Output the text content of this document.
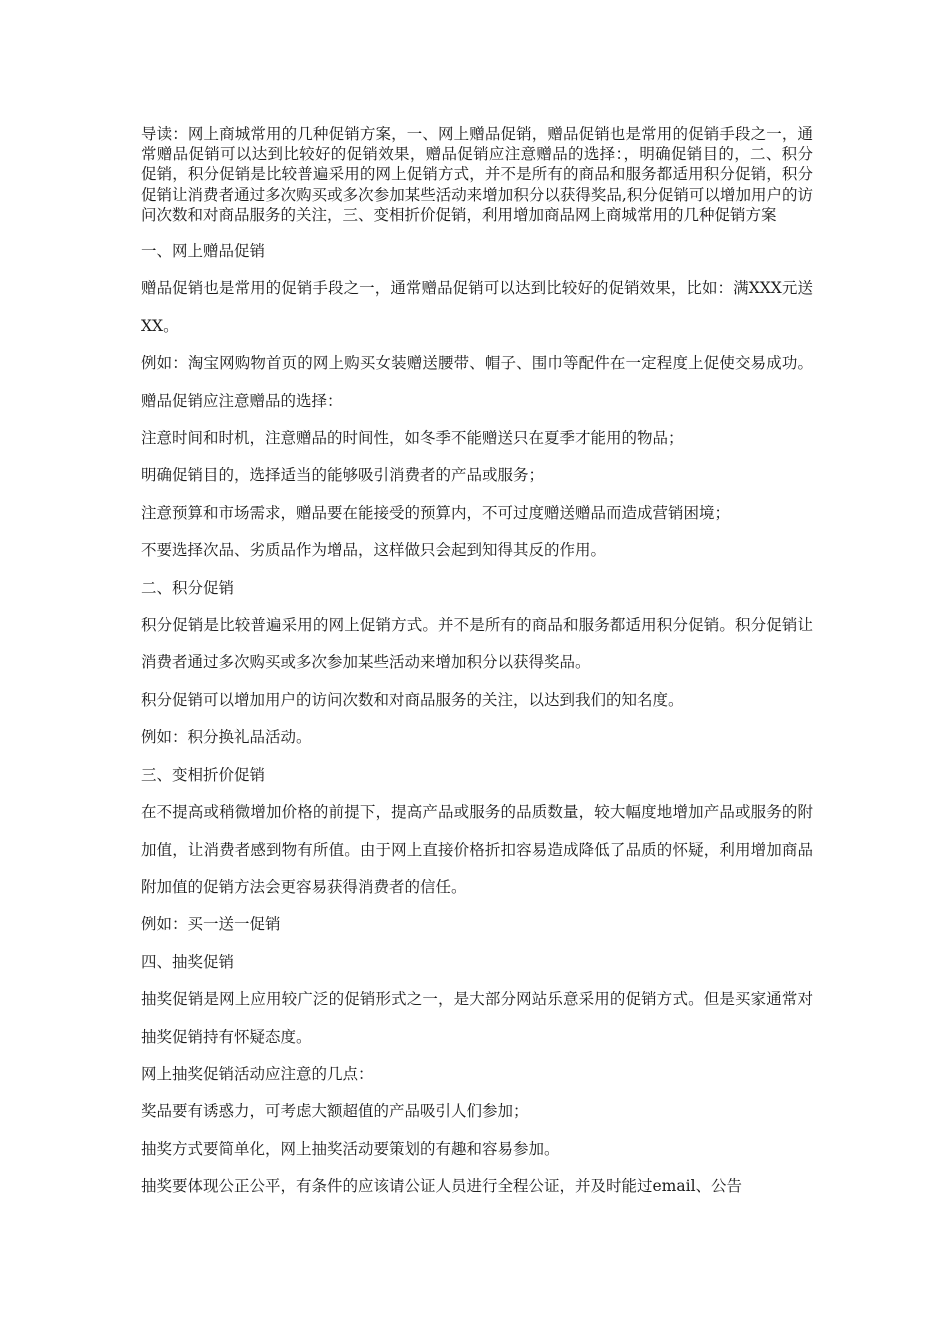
导读：网上商城常用的几种促销方案，一、网上赠品促销，赠品促销也是常用的促销手段之一，通常赠品促销可以达到比较好的促销效果，赠品促销应注意赠品的选择：，明确促销目的，二、积分促销，积分促销是比较普遍采用的网上促销方式，并不是所有的商品和服务都适用积分促销，积分促销让消费者通过多次购买或多次参加某些活动来增加积分以获得奖品,积分促销可以增加用户的访问次数和对商品服务的关注，三、变相折价促销，利用增加商品网上商城常用的几种促销方案

一、网上赠品促销

赠品促销也是常用的促销手段之一，通常赠品促销可以达到比较好的促销效果，比如：满XXX元送XX。

例如：淘宝网购物首页的网上购买女装赠送腰带、帽子、围巾等配件在一定程度上促使交易成功。赠品促销应注意赠品的选择：

注意时间和时机，注意赠品的时间性，如冬季不能赠送只在夏季才能用的物品；

明确促销目的，选择适当的能够吸引消费者的产品或服务；

注意预算和市场需求，赠品要在能接受的预算内，不可过度赠送赠品而造成营销困境；

不要选择次品、劣质品作为增品，这样做只会起到知得其反的作用。

二、积分促销

积分促销是比较普遍采用的网上促销方式。并不是所有的商品和服务都适用积分促销。积分促销让消费者通过多次购买或多次参加某些活动来增加积分以获得奖品。

积分促销可以增加用户的访问次数和对商品服务的关注，以达到我们的知名度。

例如：积分换礼品活动。

三、变相折价促销

在不提高或稍微增加价格的前提下，提高产品或服务的品质数量，较大幅度地增加产品或服务的附加值，让消费者感到物有所值。由于网上直接价格折扣容易造成降低了品质的怀疑，利用增加商品附加值的促销方法会更容易获得消费者的信任。

例如：买一送一促销

四、抽奖促销

抽奖促销是网上应用较广泛的促销形式之一，是大部分网站乐意采用的促销方式。但是买家通常对抽奖促销持有怀疑态度。

网上抽奖促销活动应注意的几点：

奖品要有诱惑力，可考虑大额超值的产品吸引人们参加；

抽奖方式要简单化，网上抽奖活动要策划的有趣和容易参加。

抽奖要体现公正公平，有条件的应该请公证人员进行全程公证，并及时能过email、公告
